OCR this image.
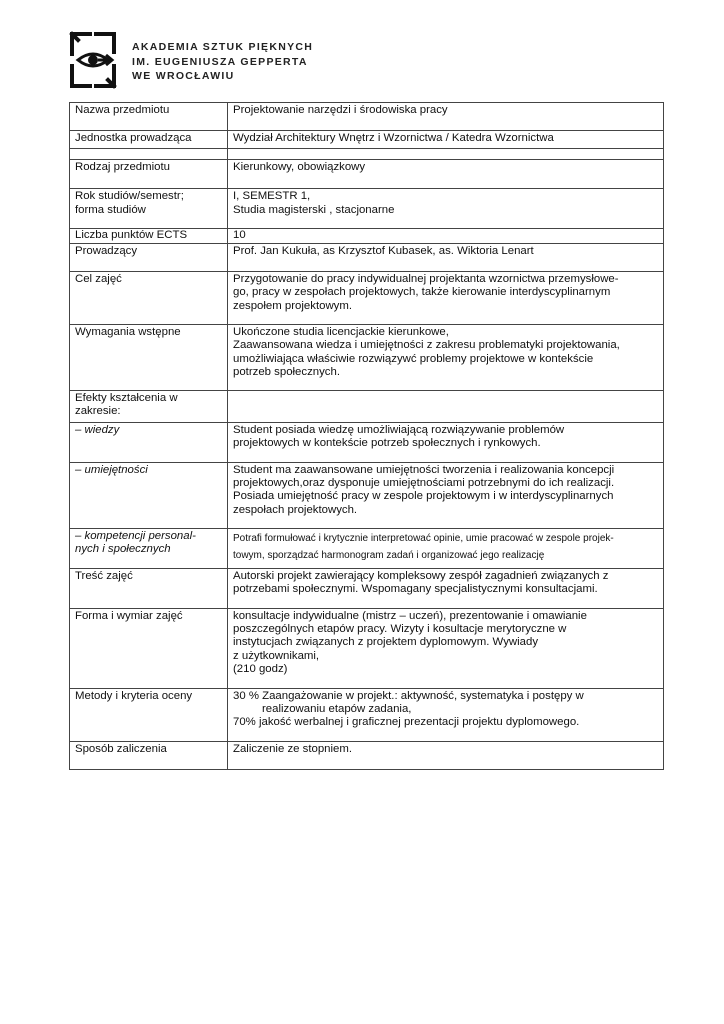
AKADEMIA SZTUK PIĘKNYCH
IM. EUGENIUSZA GEPPERTA
WE WROCŁAWIU
Nazwa przedmiotu	Projektowanie narzędzi i środowiska pracy
Jednostka prowadząca	Wydział Architektury Wnętrz i Wzornictwa / Katedra Wzornictwa

Rodzaj przedmiotu	Kierunkowy, obowiązkowy
Rok studiów/semestr;
forma studiów	I, SEMESTR 1,
Studia magisterski , stacjonarne
Liczba punktów ECTS	10
Prowadzący	Prof. Jan Kukuła, as Krzysztof Kubasek, as. Wiktoria Lenart
Cel zajęć	Przygotowanie do pracy indywidualnej projektanta wzornictwa przemysłowe-
go, pracy w zespołach projektowych, także kierowanie interdyscyplinarnym
zespołem projektowym.
Wymagania wstępne	Ukończone studia licencjackie kierunkowe,
Zaawansowana wiedza i umiejętności z zakresu problematyki projektowania,
umożliwiająca właściwie rozwiązywć problemy projektowe w kontekście
potrzeb społecznych.
Efekty kształcenia w
zakresie:	
– wiedzy	Student posiada wiedzę umożliwiającą rozwiązywanie problemów
projektowych w kontekście potrzeb społecznych i rynkowych.
– umiejętności	Student ma zaawansowane umiejętności tworzenia i realizowania koncepcji
projektowych,oraz dysponuje umiejętnościami potrzebnymi do ich realizacji.
Posiada umiejętność pracy w zespole projektowym i w interdyscyplinarnych
zespołach projektowych.
– kompetencji personal-
nych i społecznych	Potrafi formułować i krytycznie interpretować opinie, umie pracować w zespole projek-
towym, sporządzać harmonogram zadań i organizować jego realizację
Treść zajęć	Autorski projekt zawierający kompleksowy zespół zagadnień związanych z
potrzebami społecznymi. Wspomagany specjalistycznymi konsultacjami.
Forma i wymiar zajęć	konsultacje indywidualne (mistrz – uczeń), prezentowanie i omawianie
poszczególnych etapów pracy. Wizyty i kosultacje merytoryczne w
instytucjach związanych z projektem dyplomowym. Wywiady
z użytkownikami,
(210 godz)
Metody i kryteria oceny	30 % Zaangażowanie w projekt.: aktywność, systematyka i postępy w
realizowaniu etapów zadania,
70% jakość werbalnej i graficznej prezentacji projektu dyplomowego.

Sposób zaliczenia	Zaliczenie ze stopniem.
